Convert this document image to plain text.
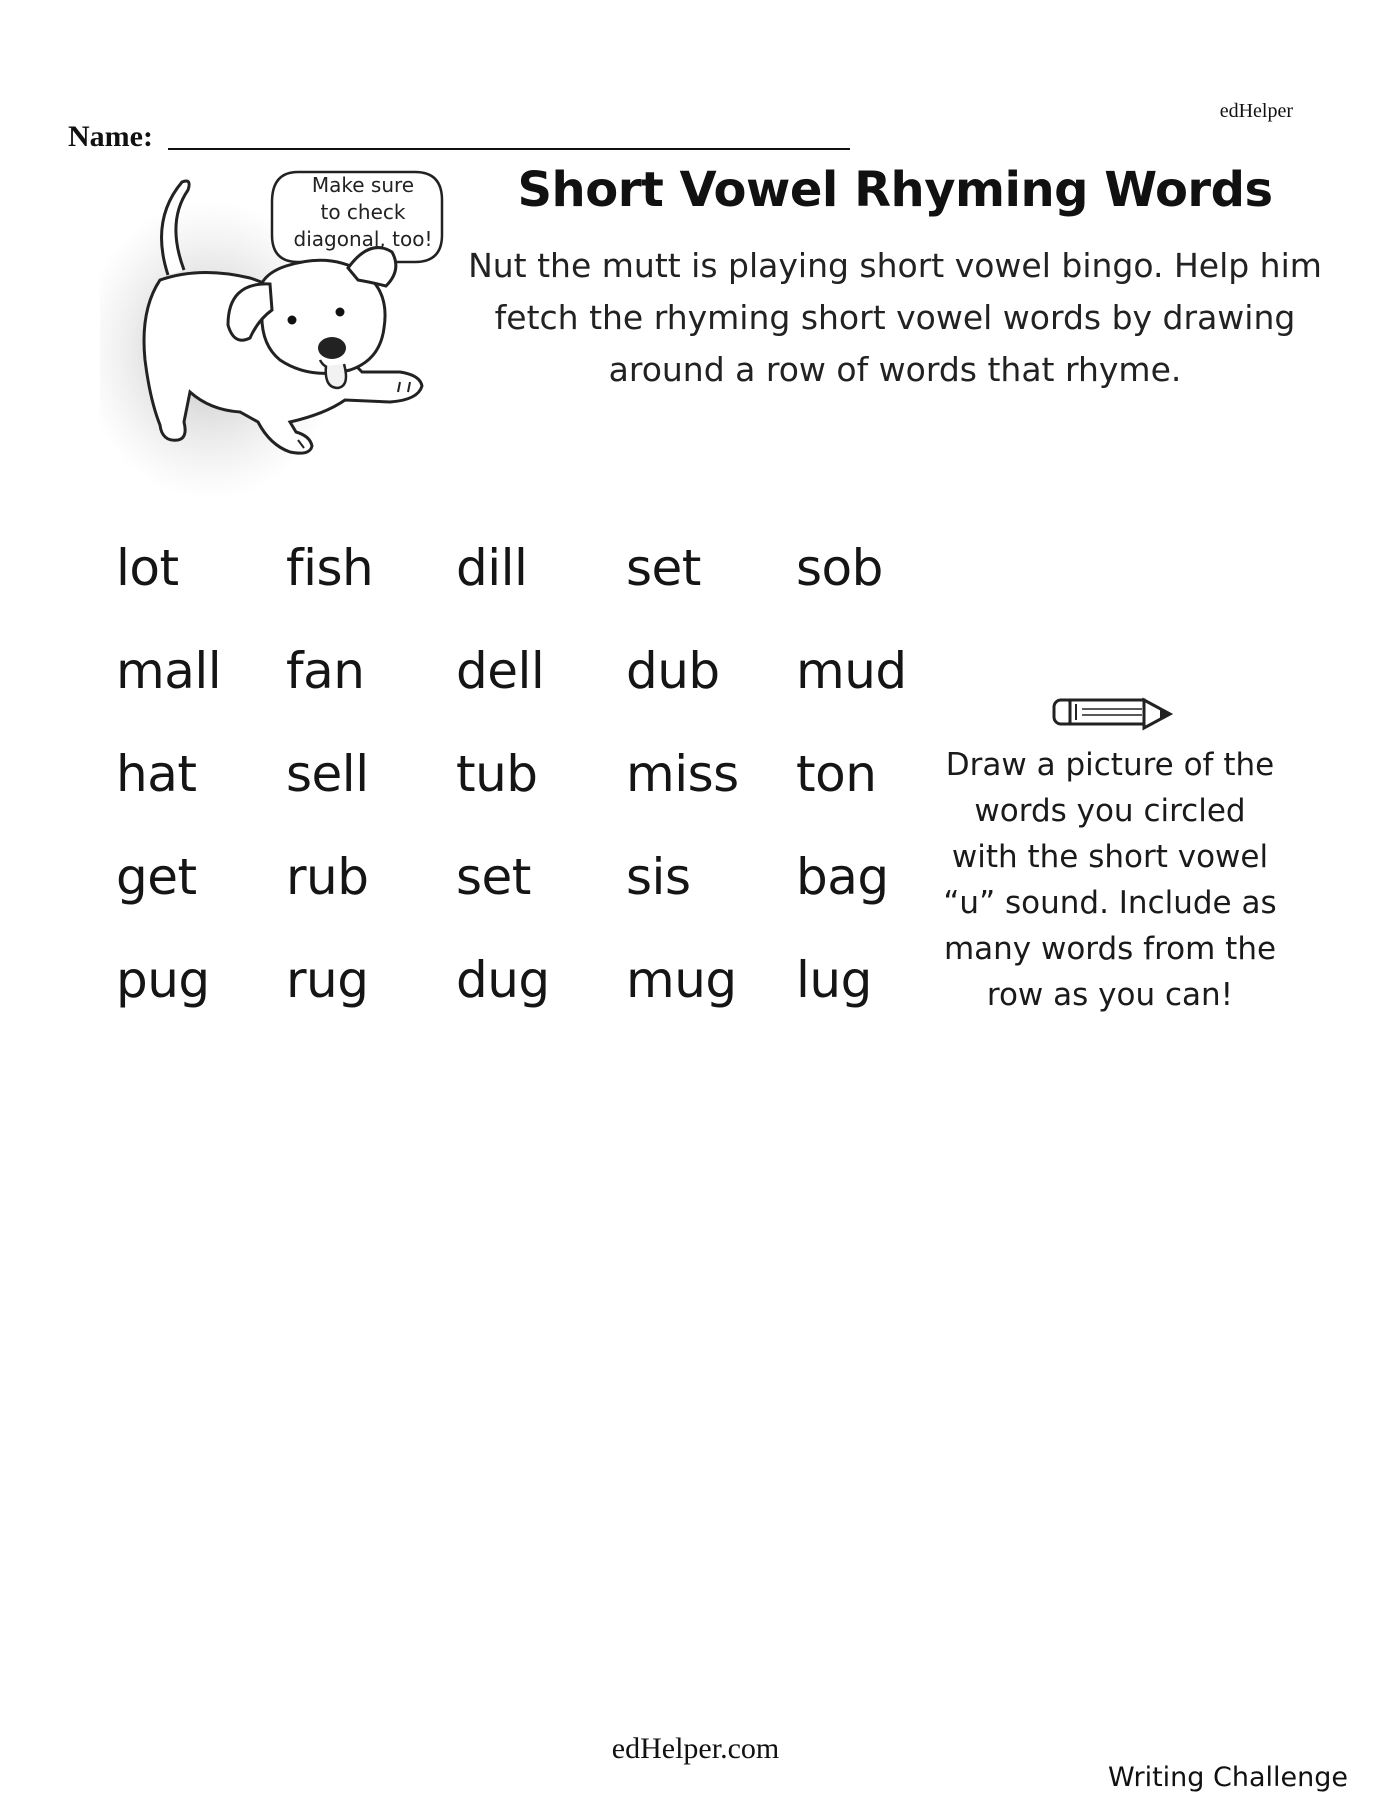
edHelper
Name:
Make sure
to check
diagonal, too!
Short Vowel Rhyming Words
Nut the mutt is playing short vowel bingo. Help him fetch the rhyming short vowel words by drawing around a row of words that rhyme.
lot	fish	dill	set	sob
mall	fan	dell	dub	mud
hat	sell	tub	miss	ton
get	rub	set	sis	bag
pug	rug	dug	mug	lug
Draw a picture of the
words you circled
with the short vowel
“u” sound. Include as
many words from the
row as you can!
edHelper.com
Writing Challenge
